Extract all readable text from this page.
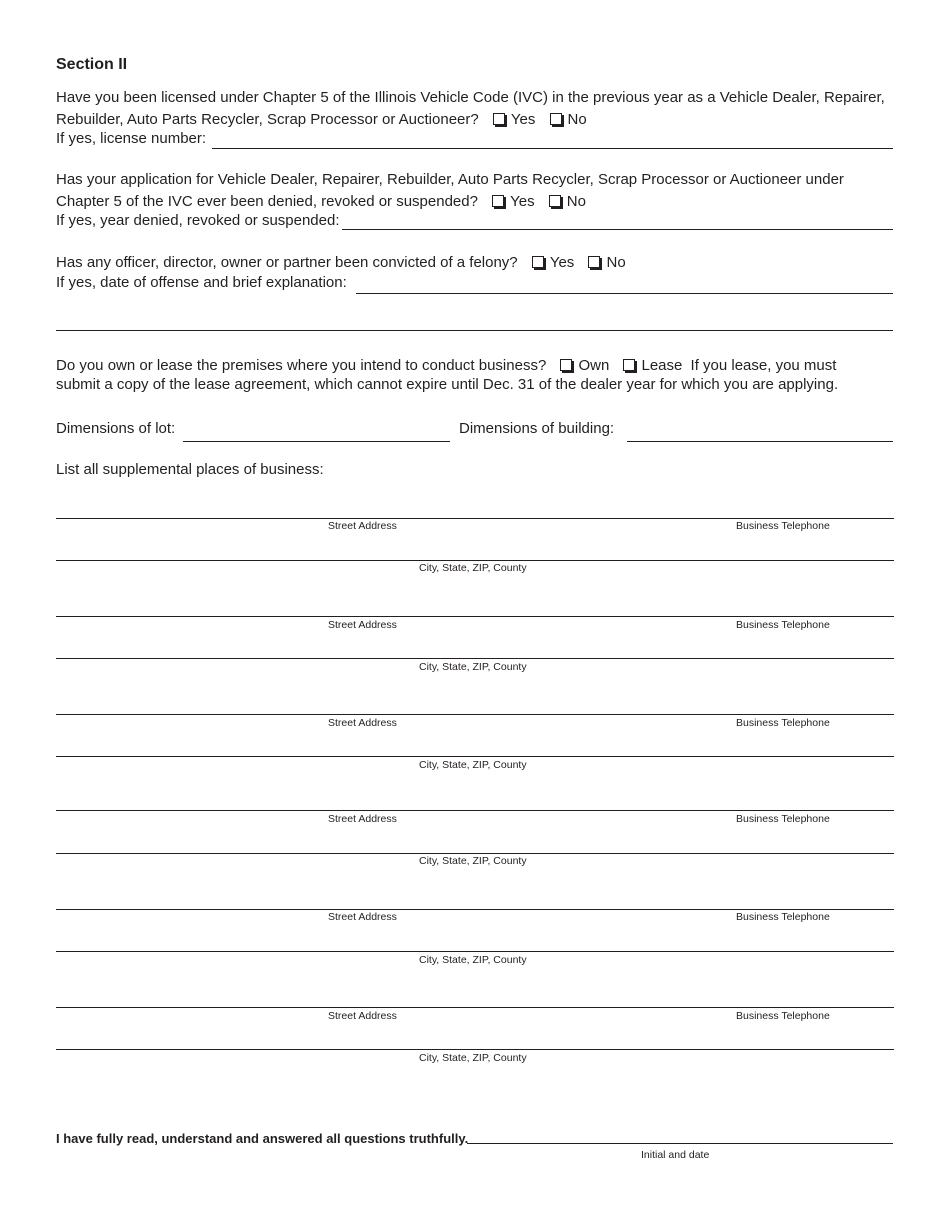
Section II
Have you been licensed under Chapter 5 of the Illinois Vehicle Code (IVC) in the previous year as a Vehicle Dealer, Repairer,
Rebuilder, Auto Parts Recycler, Scrap Processor or Auctioneer? Yes No
If yes, license number:
Has your application for Vehicle Dealer, Repairer, Rebuilder, Auto Parts Recycler, Scrap Processor or Auctioneer under
Chapter 5 of the IVC ever been denied, revoked or suspended? Yes No
If yes, year denied, revoked or suspended:
Has any officer, director, owner or partner been convicted of a felony? Yes No
If yes, date of offense and brief explanation:
Do you own or lease the premises where you intend to conduct business? Own Lease If you lease, you must
submit a copy of the lease agreement, which cannot expire until Dec. 31 of the dealer year for which you are applying.
Dimensions of lot:	Dimensions of building:
List all supplemental places of business:
Street Address	Business Telephone
City, State, ZIP, County
Street Address	Business Telephone
City, State, ZIP, County
Street Address	Business Telephone
City, State, ZIP, County
Street Address	Business Telephone
City, State, ZIP, County
Street Address	Business Telephone
City, State, ZIP, County
Street Address	Business Telephone
City, State, ZIP, County
I have fully read, understand and answered all questions truthfully.
Initial and date
